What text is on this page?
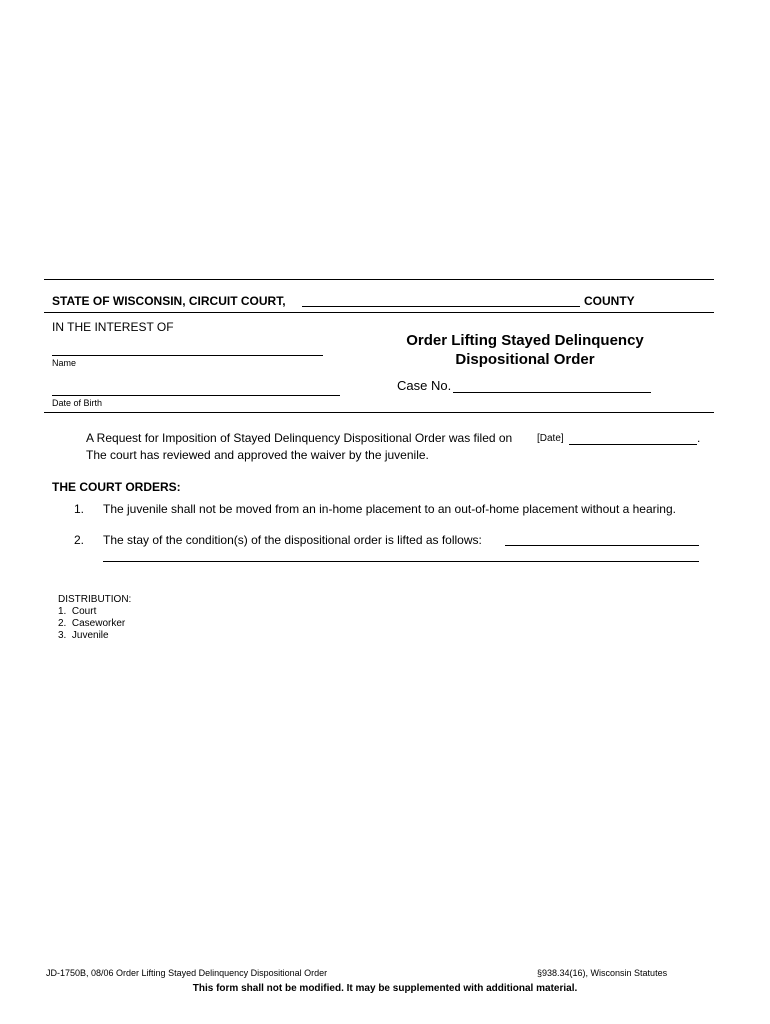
STATE OF WISCONSIN, CIRCUIT COURT,	COUNTY
IN THE INTEREST OF
Name
Date of Birth
Order Lifting Stayed Delinquency
Dispositional Order
Case No.
A Request for Imposition of Stayed Delinquency Dispositional Order was filed on [Date]	.
The court has reviewed and approved the waiver by the juvenile.
THE COURT ORDERS:
1. The juvenile shall not be moved from an in-home placement to an out-of-home placement without a hearing.
2. The stay of the condition(s) of the dispositional order is lifted as follows:
DISTRIBUTION:
1.  Court
2.  Caseworker
3.  Juvenile
JD-1750B, 08/06 Order Lifting Stayed Delinquency Dispositional Order	§938.34(16), Wisconsin Statutes
This form shall not be modified. It may be supplemented with additional material.
